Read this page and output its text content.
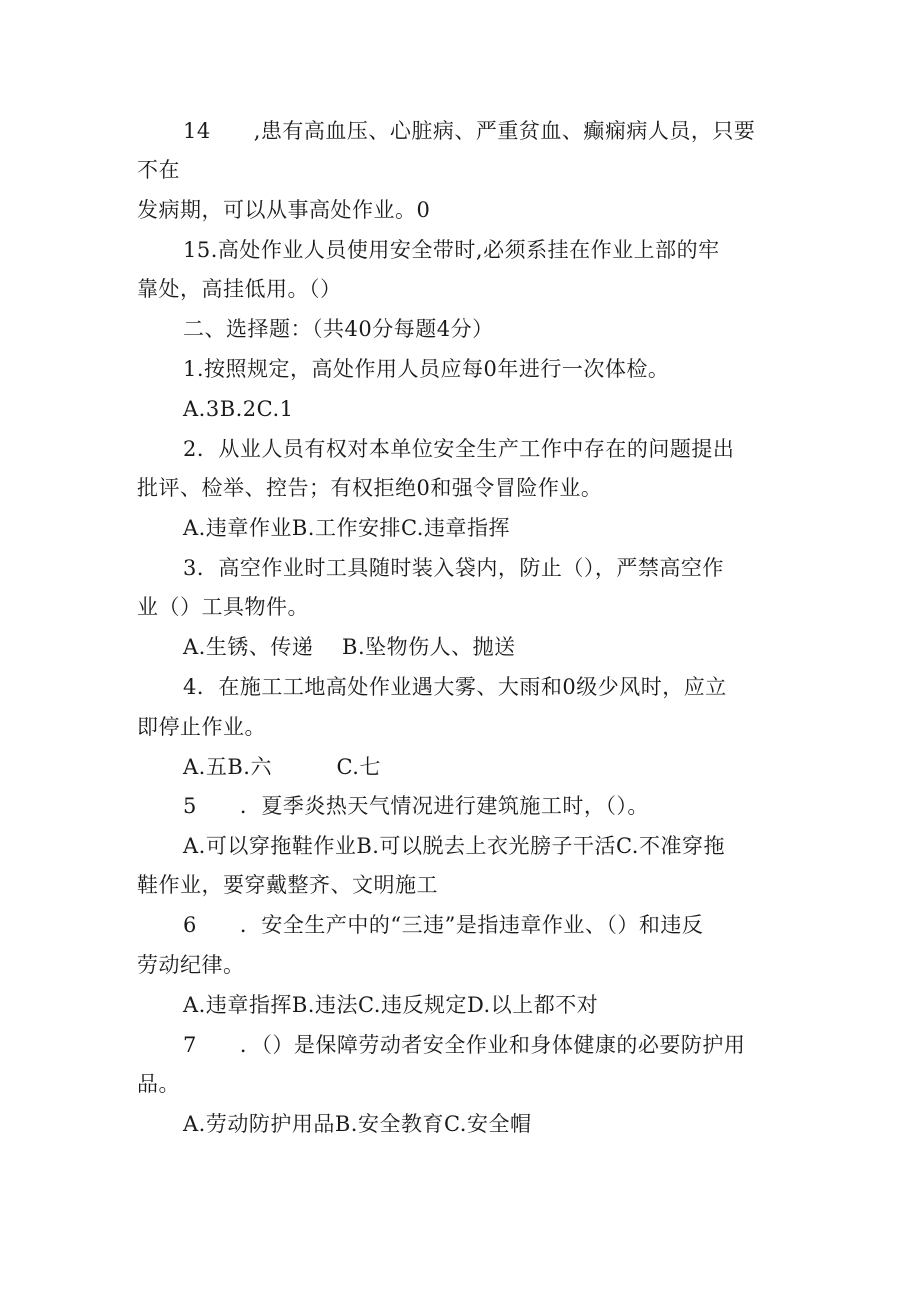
14　　,患有高血压、心脏病、严重贫血、癫痫病人员，只要
不在
发病期，可以从事高处作业。0
15.高处作业人员使用安全带时,必须系挂在作业上部的牢
靠处，高挂低用。（）
二、选择题：（共40分每题4分）
1.按照规定，高处作用人员应每0年进行一次体检。
A.3B.2C.1
2．从业人员有权对本单位安全生产工作中存在的问题提出
批评、检举、控告；有权拒绝0和强令冒险作业。
A.违章作业B.工作安排C.违章指挥
3．高空作业时工具随时装入袋内，防止（），严禁高空作
业（）工具物件。
A.生锈、传递　 B.坠物伤人、抛送
4．在施工工地高处作业遇大雾、大雨和0级少风时，应立
即停止作业。
A.五B.六　　　C.七
5　　．夏季炎热天气情况进行建筑施工时，（）。
A.可以穿拖鞋作业B.可以脱去上衣光膀子干活C.不准穿拖
鞋作业，要穿戴整齐、文明施工
6　　．安全生产中的“三违”是指违章作业、（）和违反
劳动纪律。
A.违章指挥B.违法C.违反规定D.以上都不对
7　　．（）是保障劳动者安全作业和身体健康的必要防护用
品。
A.劳动防护用品B.安全教育C.安全帽
